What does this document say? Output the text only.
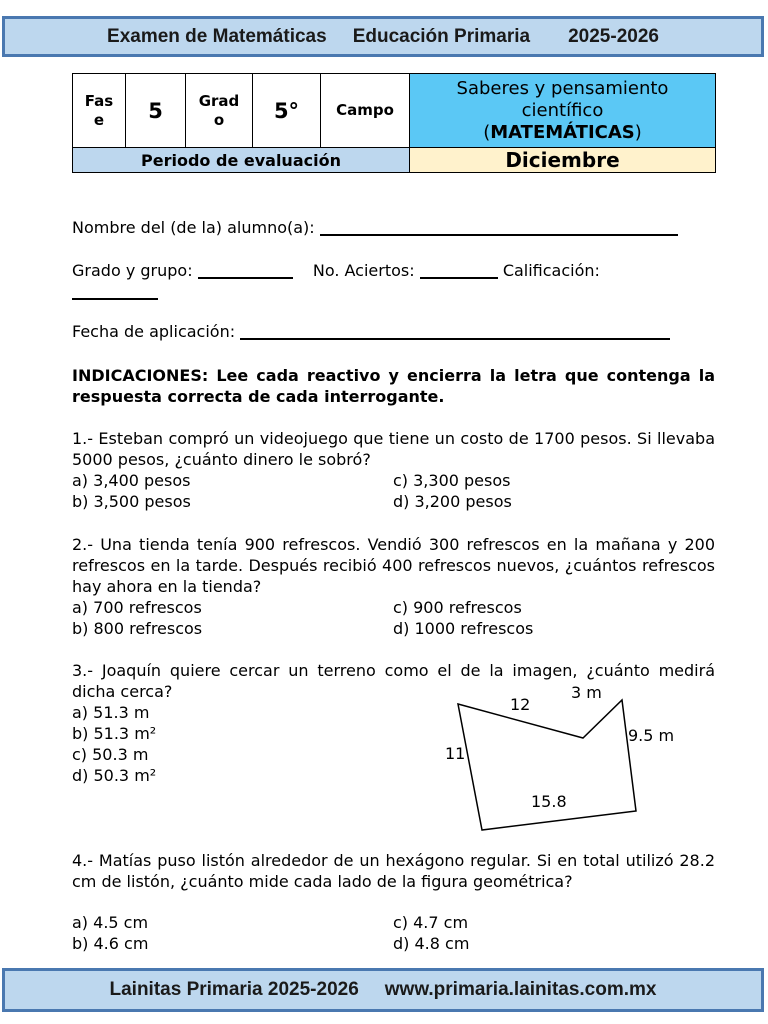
Examen de Matemáticas Educación Primaria 2025-2026
Fas e	5	Grad o	5°	Campo	Saberes y pensamiento
científico
(MATEMÁTICAS)

Periodo de evaluación					Diciembre
Nombre del (de la) alumno(a):
Grado y grupo:	No. Aciertos:	Calificación:
Fecha de aplicación:
INDICACIONES: Lee cada reactivo y encierra la letra que contenga la respuesta correcta de cada interrogante.
1.- Esteban compró un videojuego que tiene un costo de 1700 pesos. Si llevaba 5000 pesos, ¿cuánto dinero le sobró?
a) 3,400 pesos	c) 3,300 pesos
b) 3,500 pesos	d) 3,200 pesos
2.- Una tienda tenía 900 refrescos. Vendió 300 refrescos en la mañana y 200 refrescos en la tarde. Después recibió 400 refrescos nuevos, ¿cuántos refrescos hay ahora en la tienda?
a) 700 refrescos	c) 900 refrescos
b) 800 refrescos	d) 1000 refrescos
3.- Joaquín quiere cercar un terreno como el de la imagen, ¿cuánto medirá dicha cerca?
a) 51.3 m
b) 51.3 m²
c) 50.3 m
d) 50.3 m²
12
3 m
9.5 m
11
15.8
4.- Matías puso listón alrededor de un hexágono regular. Si en total utilizó 28.2 cm de listón, ¿cuánto mide cada lado de la figura geométrica?
a) 4.5 cm	c) 4.7 cm
b) 4.6 cm	d) 4.8 cm
Lainitas Primaria 2025-2026 www.primaria.lainitas.com.mx
